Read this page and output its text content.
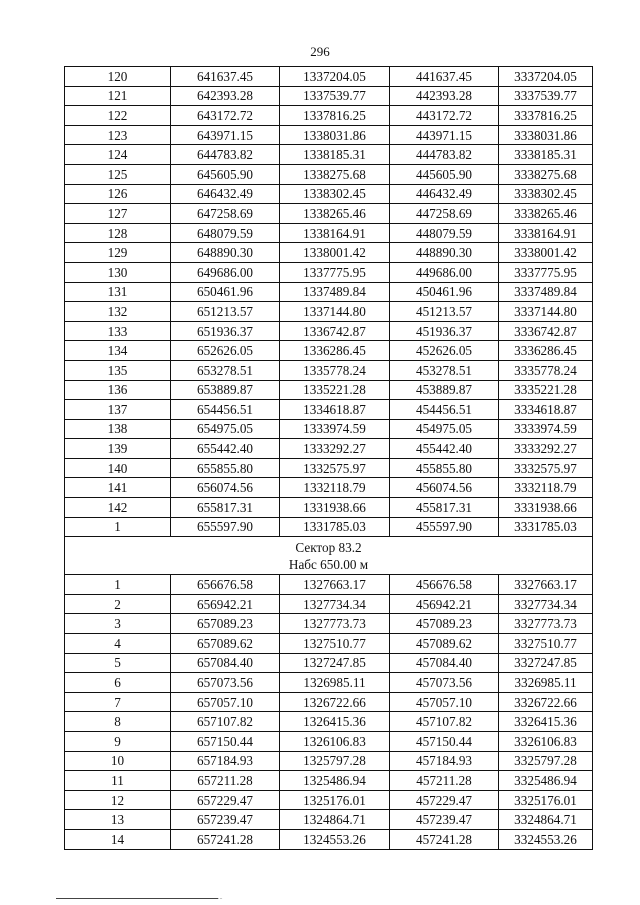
296
120	641637.45	1337204.05	441637.45	3337204.05
121	642393.28	1337539.77	442393.28	3337539.77
122	643172.72	1337816.25	443172.72	3337816.25
123	643971.15	1338031.86	443971.15	3338031.86
124	644783.82	1338185.31	444783.82	3338185.31
125	645605.90	1338275.68	445605.90	3338275.68
126	646432.49	1338302.45	446432.49	3338302.45
127	647258.69	1338265.46	447258.69	3338265.46
128	648079.59	1338164.91	448079.59	3338164.91
129	648890.30	1338001.42	448890.30	3338001.42
130	649686.00	1337775.95	449686.00	3337775.95
131	650461.96	1337489.84	450461.96	3337489.84
132	651213.57	1337144.80	451213.57	3337144.80
133	651936.37	1336742.87	451936.37	3336742.87
134	652626.05	1336286.45	452626.05	3336286.45
135	653278.51	1335778.24	453278.51	3335778.24
136	653889.87	1335221.28	453889.87	3335221.28
137	654456.51	1334618.87	454456.51	3334618.87
138	654975.05	1333974.59	454975.05	3333974.59
139	655442.40	1333292.27	455442.40	3333292.27
140	655855.80	1332575.97	455855.80	3332575.97
141	656074.56	1332118.79	456074.56	3332118.79
142	655817.31	1331938.66	455817.31	3331938.66
1	655597.90	1331785.03	455597.90	3331785.03

Сектор 83.2
Набс 650.00 м				

1	656676.58	1327663.17	456676.58	3327663.17
2	656942.21	1327734.34	456942.21	3327734.34
3	657089.23	1327773.73	457089.23	3327773.73
4	657089.62	1327510.77	457089.62	3327510.77
5	657084.40	1327247.85	457084.40	3327247.85
6	657073.56	1326985.11	457073.56	3326985.11
7	657057.10	1326722.66	457057.10	3326722.66
8	657107.82	1326415.36	457107.82	3326415.36
9	657150.44	1326106.83	457150.44	3326106.83
10	657184.93	1325797.28	457184.93	3325797.28
11	657211.28	1325486.94	457211.28	3325486.94
12	657229.47	1325176.01	457229.47	3325176.01
13	657239.47	1324864.71	457239.47	3324864.71
14	657241.28	1324553.26	457241.28	3324553.26
...
